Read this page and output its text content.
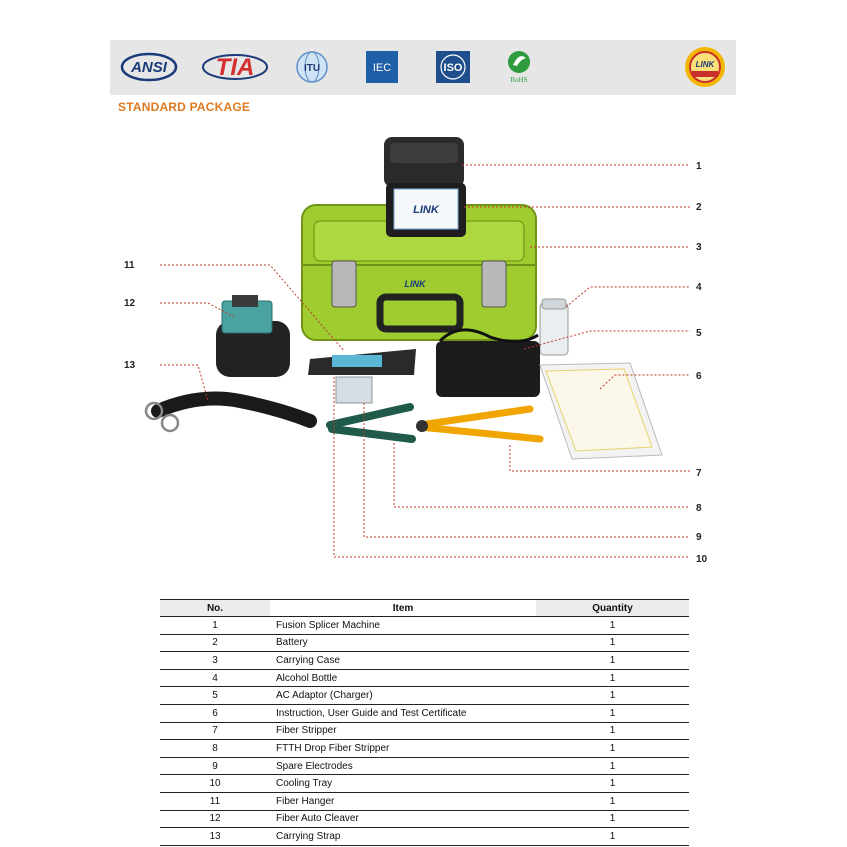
ANSI TIA	ITU	IEC	ISO
RoHS
LINK
STANDARD PACKAGE
LINK
LINK
1
2
3
4
5
6
7
8
9
10
11
12
13
No.	Item	Quantity
1	Fusion Splicer Machine	1
2	Battery	1
3	Carrying Case	1
4	Alcohol Bottle	1
5	AC Adaptor (Charger)	1
6	Instruction, User Guide and Test Certificate	1
7	Fiber Stripper	1
8	FTTH Drop Fiber Stripper	1
9	Spare Electrodes	1
10	Cooling Tray	1
11	Fiber Hanger	1
12	Fiber Auto Cleaver	1
13	Carrying Strap	1
